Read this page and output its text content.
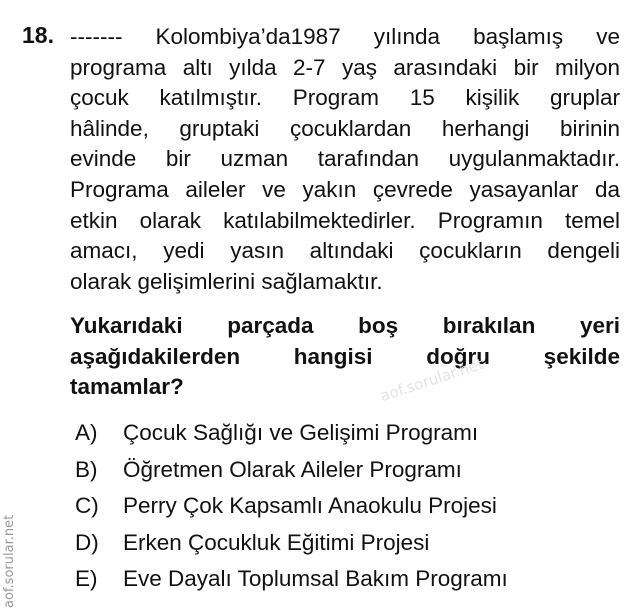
18. ------- Kolombiya’da1987 yılında başlamış ve
programa altı yılda 2-7 yaş arasındaki bir milyon
çocuk katılmıştır. Program 15 kişilik gruplar
hâlinde, gruptaki çocuklardan herhangi birinin
evinde bir uzman tarafından uygulanmaktadır.
Programa aileler ve yakın çevrede yasayanlar da
etkin olarak katılabilmektedirler. Programın temel
amacı, yedi yasın altındaki çocukların dengeli
olarak gelişimlerini sağlamaktır.
Yukarıdaki parçada boş bırakılan yeri
aşağıdakilerden hangisi doğru şekilde
tamamlar?	aof.sorular.net
A)	Çocuk Sağlığı ve Gelişimi Programı
B)	Öğretmen Olarak Aileler Programı
C)	Perry Çok Kapsamlı Anaokulu Projesi
D)	Erken Çocukluk Eğitimi Projesi
E)	Eve Dayalı Toplumsal Bakım Programı
aof.sorular.net
